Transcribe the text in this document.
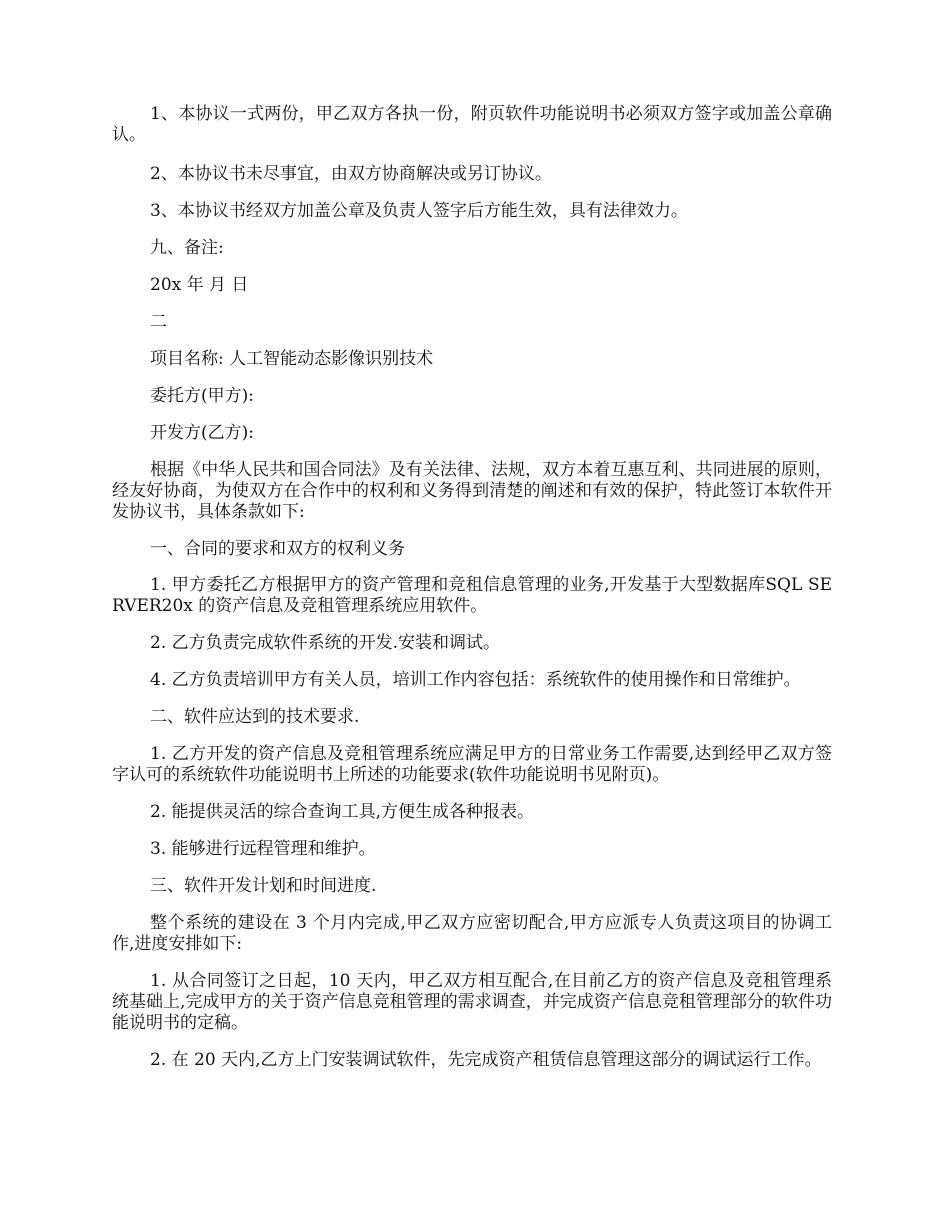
1、本协议一式两份，甲乙双方各执一份，附页软件功能说明书必须双方签字或加盖公章确认。

2、本协议书未尽事宜，由双方协商解决或另订协议。

3、本协议书经双方加盖公章及负责人签字后方能生效，具有法律效力。

九、备注:

20x 年 月 日

二

项目名称: 人工智能动态影像识别技术

委托方(甲方):

开发方(乙方):

根据《中华人民共和国合同法》及有关法律、法规，双方本着互惠互利、共同进展的原则，经友好协商，为使双方在合作中的权利和义务得到清楚的阐述和有效的保护，特此签订本软件开发协议书，具体条款如下:

一、合同的要求和双方的权利义务

1. 甲方委托乙方根据甲方的资产管理和竞租信息管理的业务,开发基于大型数据库SQL SERVER20x 的资产信息及竞租管理系统应用软件。

2. 乙方负责完成软件系统的开发.安装和调试。

4. 乙方负责培训甲方有关人员，培训工作内容包括：系统软件的使用操作和日常维护。

二、软件应达到的技术要求.

1. 乙方开发的资产信息及竞租管理系统应满足甲方的日常业务工作需要,达到经甲乙双方签字认可的系统软件功能说明书上所述的功能要求(软件功能说明书见附页)。

2. 能提供灵活的综合查询工具,方便生成各种报表。

3. 能够进行远程管理和维护。

三、软件开发计划和时间进度.

整个系统的建设在 3 个月内完成,甲乙双方应密切配合,甲方应派专人负责这项目的协调工作,进度安排如下:

1. 从合同签订之日起，10 天内，甲乙双方相互配合,在目前乙方的资产信息及竞租管理系统基础上,完成甲方的关于资产信息竞租管理的需求调查，并完成资产信息竞租管理部分的软件功能说明书的定稿。

2. 在 20 天内,乙方上门安装调试软件，先完成资产租赁信息管理这部分的调试运行工作。
